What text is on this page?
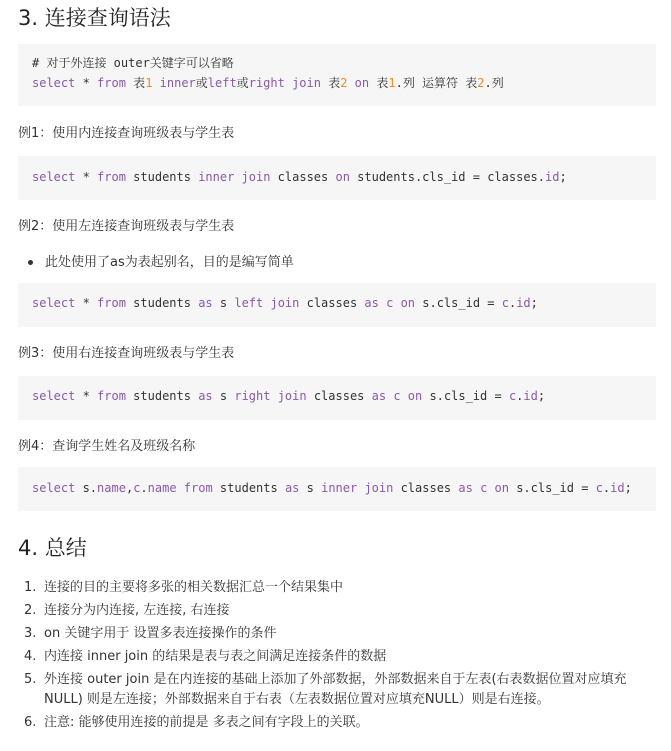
3. 连接查询语法
# 对于外连接 outer关键字可以省略
select * from 表1 inner或left或right join 表2 on 表1.列 运算符 表2.列

例1：使用内连接查询班级表与学生表

select * from students inner join classes on students.cls_id = classes.id;

例2：使用左连接查询班级表与学生表

此处使用了as为表起别名，目的是编写简单
select * from students as s left join classes as c on s.cls_id = c.id;

例3：使用右连接查询班级表与学生表

select * from students as s right join classes as c on s.cls_id = c.id;

例4：查询学生姓名及班级名称

select s.name,c.name from students as s inner join classes as c on s.cls_id = c.id;
4. 总结
1. 连接的目的主要将多张的相关数据汇总一个结果集中
2. 连接分为内连接, 左连接, 右连接
3. on 关键字用于 设置多表连接操作的条件
4. 内连接 inner join 的结果是表与表之间满足连接条件的数据
5. 外连接 outer join 是在内连接的基础上添加了外部数据，外部数据来自于左表(右表数据位置对应填充NULL) 则是左连接；外部数据来自于右表（左表数据位置对应填充NULL）则是右连接。
6. 注意: 能够使用连接的前提是 多表之间有字段上的关联。
